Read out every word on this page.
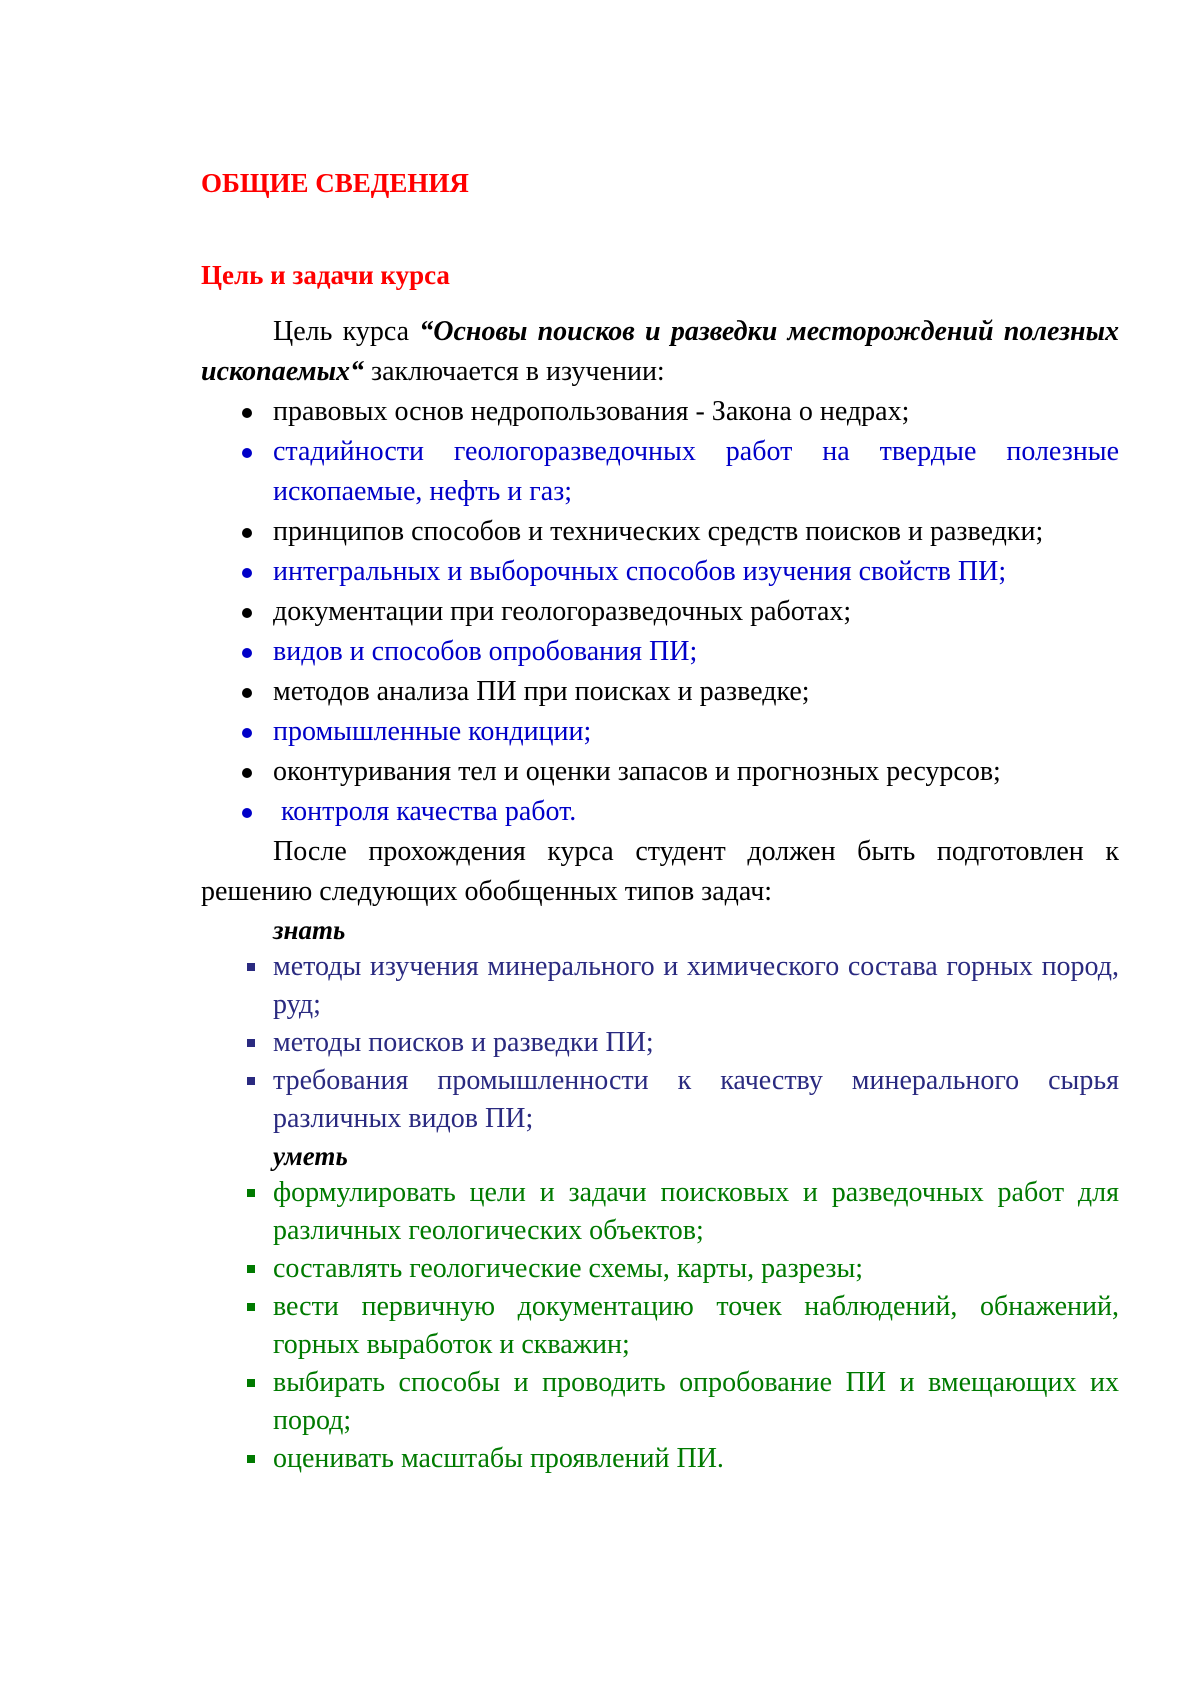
ОБЩИЕ СВЕДЕНИЯ
Цель и задачи курса

Цель курса “Основы поисков и разведки месторождений полезных ископаемых“ заключается в изучении:

правовых основ недропользования - Закона о недрах;
стадийности геологоразведочных работ на твердые полезные ископаемые, нефть и газ;
принципов способов и технических средств поисков и разведки;
интегральных и выборочных способов изучения свойств ПИ;
документации при геологоразведочных работах;
видов и способов опробования ПИ;
методов анализа ПИ при поисках и разведке;
промышленные кондиции;
оконтуривания тел и оценки запасов и прогнозных ресурсов;
контроля качества работ.

После прохождения курса студент должен быть подготовлен к решению следующих обобщенных типов задач:

знать
методы изучения минерального и химического состава горных пород, руд;
методы поисков и разведки ПИ;
требования промышленности к качеству минерального сырья различных видов ПИ;
уметь
формулировать цели и задачи поисковых и разведочных работ для различных геологических объектов;
составлять геологические схемы, карты, разрезы;
вести первичную документацию точек наблюдений, обнажений, горных выработок и скважин;
выбирать способы и проводить опробование ПИ и вмещающих их пород;
оценивать масштабы проявлений ПИ.
